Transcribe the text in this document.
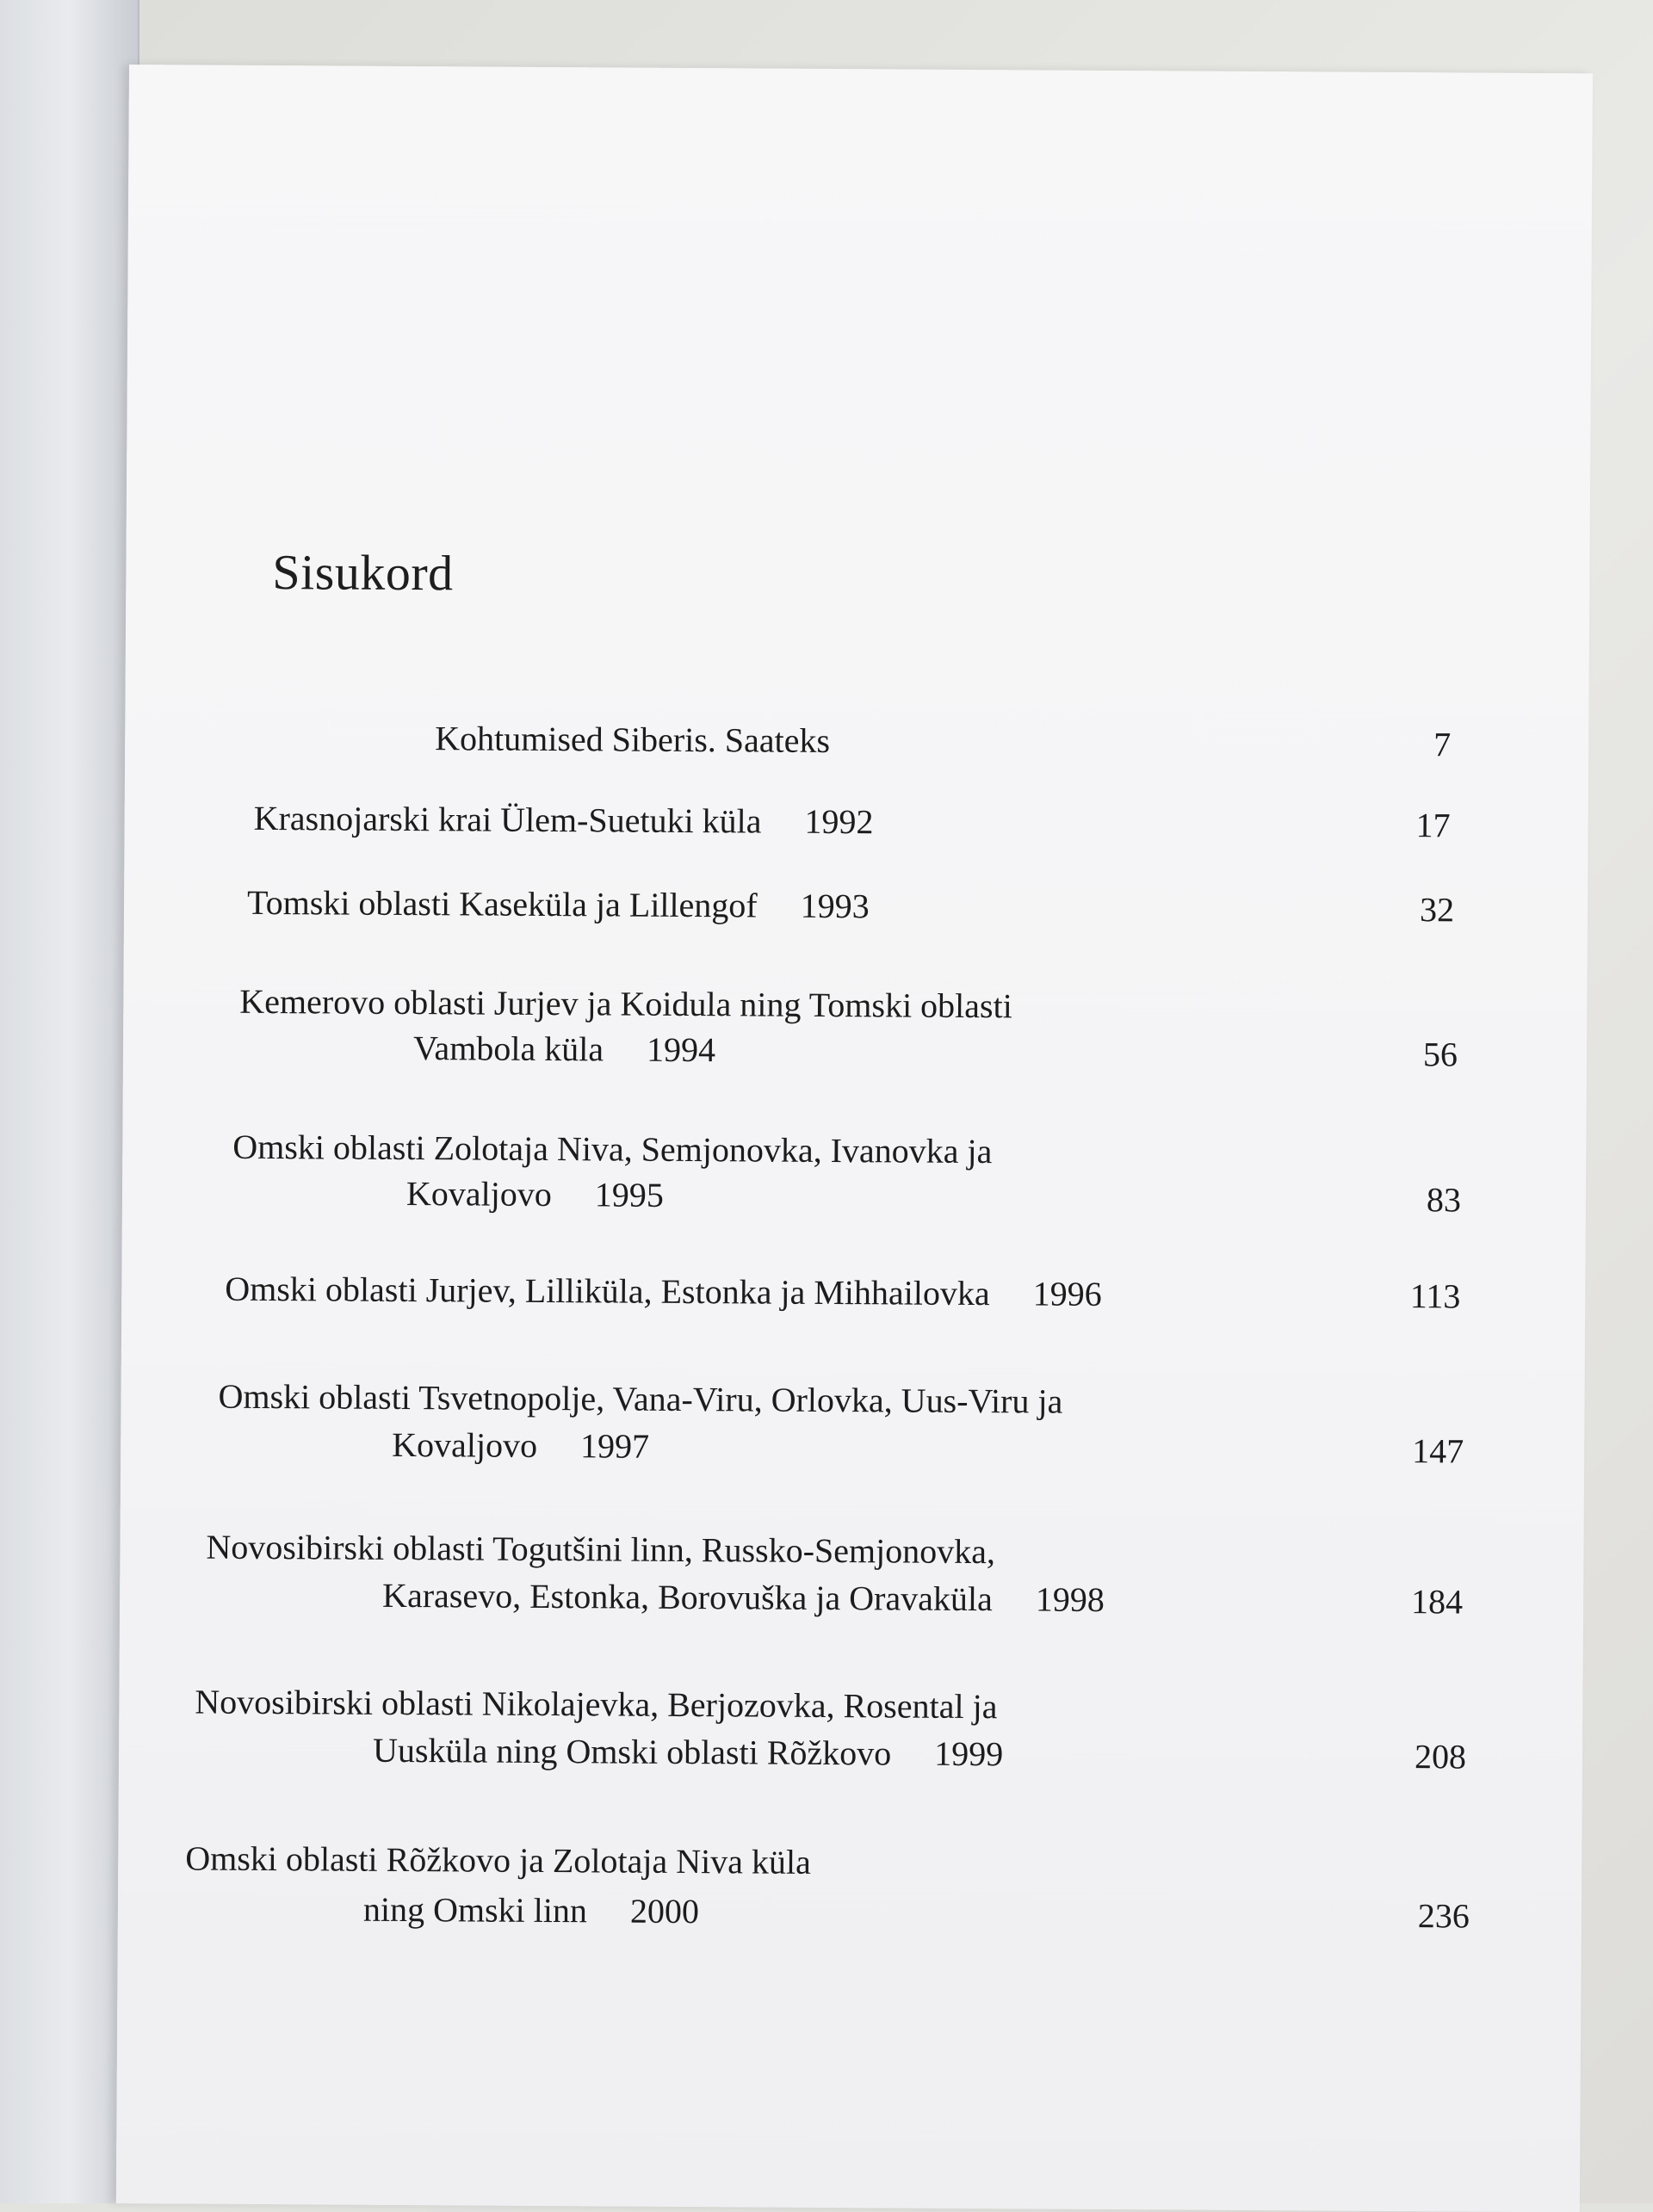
Sisukord
Kohtumised Siberis. Saateks	7
Krasnojarski krai Ülem-Suetuki küla 1992	17
Tomski oblasti Kaseküla ja Lillengof 1993	32
Kemerovo oblasti Jurjev ja Koidula ning Tomski oblasti
Vambola küla 1994	56
Omski oblasti Zolotaja Niva, Semjonovka, Ivanovka ja
Kovaljovo 1995	83
Omski oblasti Jurjev, Lilliküla, Estonka ja Mihhailovka 1996	113
Omski oblasti Tsvetnopolje, Vana-Viru, Orlovka, Uus-Viru ja
Kovaljovo 1997	147
Novosibirski oblasti Togutšini linn, Russko-Semjonovka,
Karasevo, Estonka, Borovuška ja Oravaküla 1998	184
Novosibirski oblasti Nikolajevka, Berjozovka, Rosental ja
Uusküla ning Omski oblasti Rõžkovo 1999	208
Omski oblasti Rõžkovo ja Zolotaja Niva küla
ning Omski linn 2000	236
